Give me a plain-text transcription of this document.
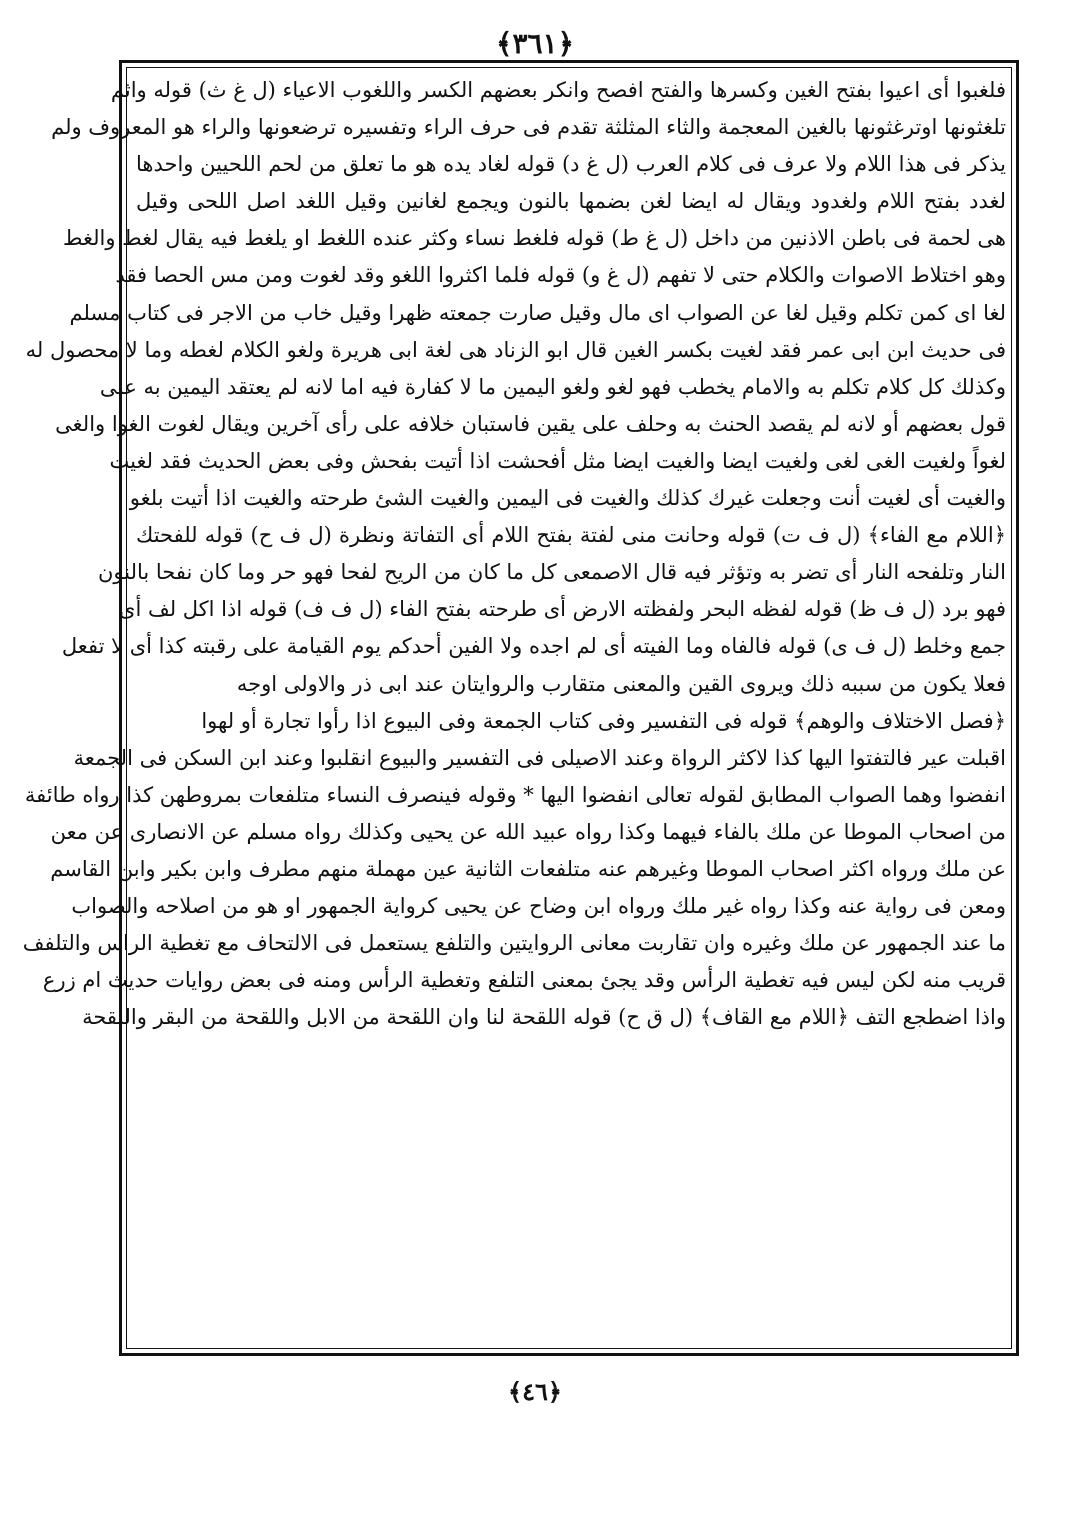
﴿٣٦١﴾
فلغبوا أى اعيوا بفتح الغين وكسرها والفتح افصح وانكر بعضهم الكسر واللغوب الاعياء (ل غ ث) قوله واثم
تلغثونها اوترغثونها بالغين المعجمة والثاء المثلثة تقدم فى حرف الراء وتفسيره ترضعونها والراء هو المعروف ولم
يذكر فى هذا اللام ولا عرف فى كلام العرب (ل غ د) قوله لغاد يده هو ما تعلق من لحم اللحيين واحدها
لغدد بفتح اللام ولغدود ويقال له ايضا لغن بضمها بالنون ويجمع لغانين وقيل اللغد اصل اللحى وقيل
هى لحمة فى باطن الاذنين من داخل (ل غ ط) قوله فلغط نساء وكثر عنده اللغط او يلغط فيه يقال لغط والغط
وهو اختلاط الاصوات والكلام حتى لا تفهم (ل غ و) قوله فلما اكثروا اللغو وقد لغوت ومن مس الحصا فقد
لغا اى كمن تكلم وقيل لغا عن الصواب اى مال وقيل صارت جمعته ظهرا وقيل خاب من الاجر فى كتاب مسلم
فى حديث ابن ابى عمر فقد لغيت بكسر الغين قال ابو الزناد هى لغة ابى هريرة ولغو الكلام لغطه وما لا محصول له
وكذلك كل كلام تكلم به والامام يخطب فهو لغو ولغو اليمين ما لا كفارة فيه اما لانه لم يعتقد اليمين به على
قول بعضهم أو لانه لم يقصد الحنث به وحلف على يقين فاستبان خلافه على رأى آخرين ويقال لغوت الغوا والغى
لغواً ولغيت الغى لغى ولغيت ايضا والغيت ايضا مثل أفحشت اذا أتيت بفحش وفى بعض الحديث فقد لغيت
والغيت أى لغيت أنت وجعلت غيرك كذلك والغيت فى اليمين والغيت الشئ طرحته والغيت اذا أتيت بلغو
﴿اللام مع الفاء﴾ (ل ف ت) قوله وحانت منى لفتة بفتح اللام أى التفاتة ونظرة (ل ف ح) قوله للفحتك
النار وتلفحه النار أى تضر به وتؤثر فيه قال الاصمعى كل ما كان من الريح لفحا فهو حر وما كان نفحا بالنون
فهو برد (ل ف ظ) قوله لفظه البحر ولفظته الارض أى طرحته بفتح الفاء (ل ف ف) قوله اذا اكل لف أى
جمع وخلط (ل ف ى) قوله فالفاه وما الفيته أى لم اجده ولا الفين أحدكم يوم القيامة على رقبته كذا أى لا تفعل
فعلا يكون من سببه ذلك ويروى القين والمعنى متقارب والروايتان عند ابى ذر والاولى اوجه
﴿فصل الاختلاف والوهم﴾ قوله فى التفسير وفى كتاب الجمعة وفى البيوع اذا رأوا تجارة أو لهوا
اقبلت عير فالتفتوا اليها كذا لاكثر الرواة وعند الاصيلى فى التفسير والبيوع انقلبوا وعند ابن السكن فى الجمعة
انفضوا وهما الصواب المطابق لقوله تعالى انفضوا اليها * وقوله فينصرف النساء متلفعات بمروطهن كذا رواه طائفة
من اصحاب الموطا عن ملك بالفاء فيهما وكذا رواه عبيد الله عن يحيى وكذلك رواه مسلم عن الانصارى عن معن
عن ملك ورواه اكثر اصحاب الموطا وغيرهم عنه متلفعات الثانية عين مهملة منهم مطرف وابن بكير وابن القاسم
ومعن فى رواية عنه وكذا رواه غير ملك ورواه ابن وضاح عن يحيى كرواية الجمهور او هو من اصلاحه والصواب
ما عند الجمهور عن ملك وغيره وان تقاربت معانى الروايتين والتلفع يستعمل فى الالتحاف مع تغطية الراس والتلفف
قريب منه لكن ليس فيه تغطية الرأس وقد يجئ بمعنى التلفع وتغطية الرأس ومنه فى بعض روايات حديث ام زرع
واذا اضطجع التف ﴿اللام مع القاف﴾ (ل ق ح) قوله اللقحة لنا وان اللقحة من الابل واللقحة من البقر واللقحة
﴿٤٦﴾
